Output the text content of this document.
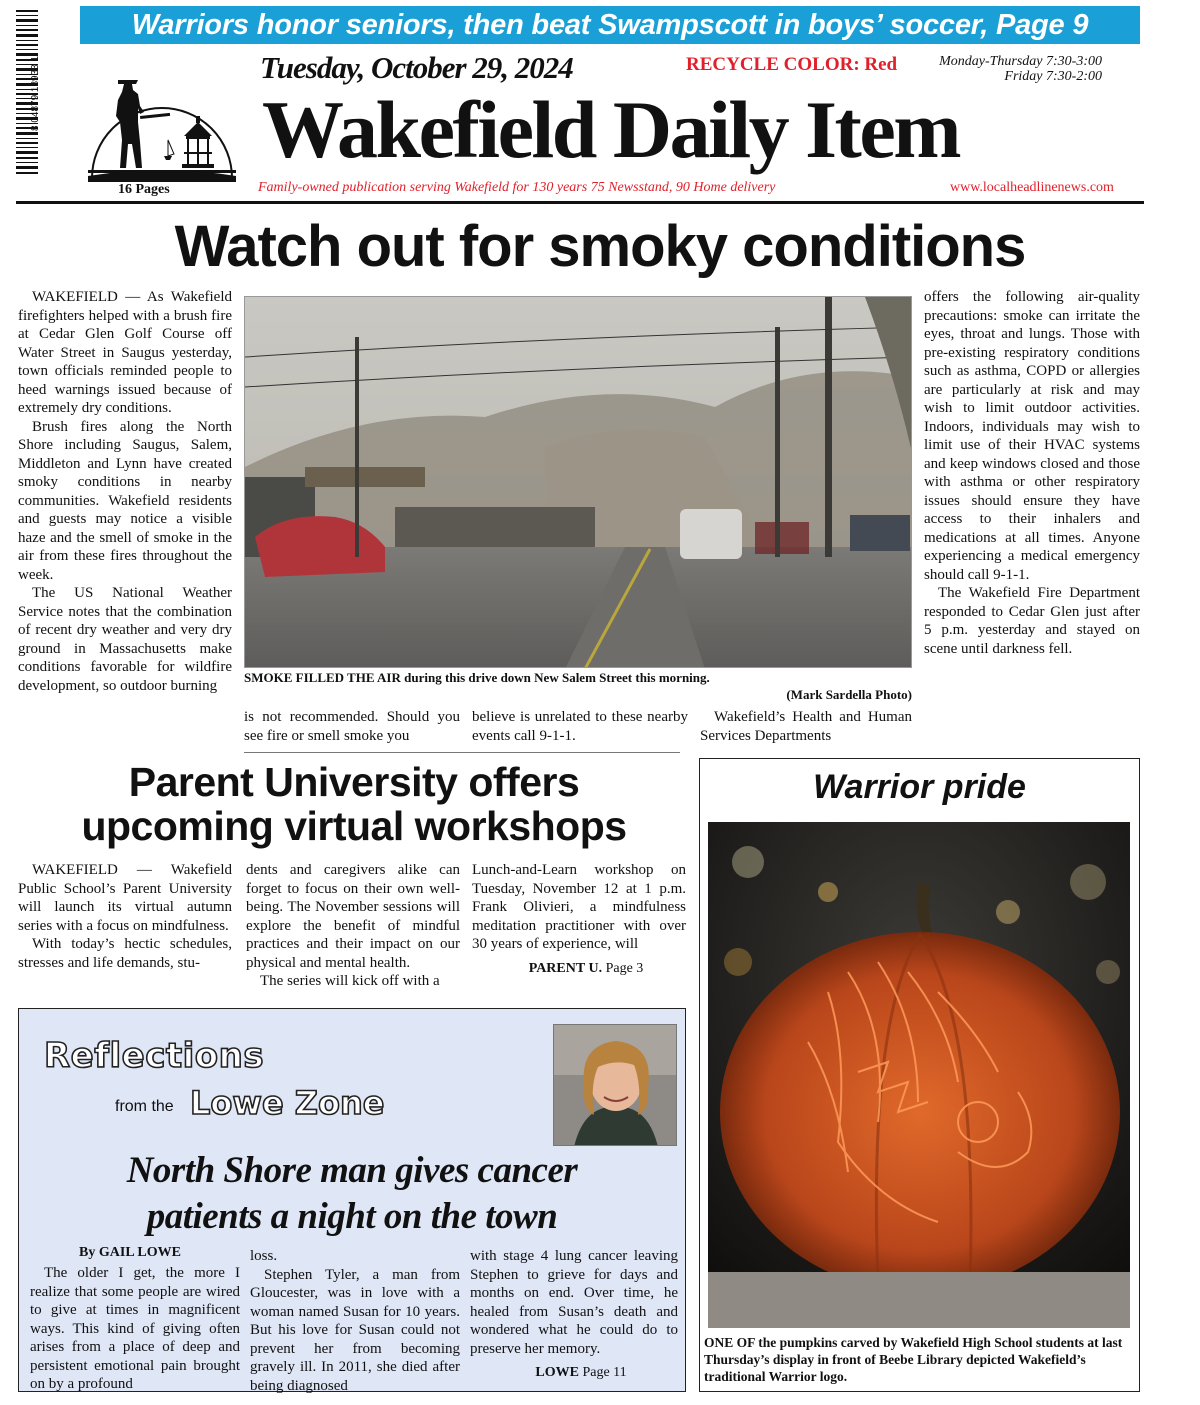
Warriors honor seniors, then beat Swampscott in boys’ soccer, Page 9
8 04879 13933 1
16 Pages
Tuesday, October 29, 2024	RECYCLE COLOR: Red	Monday-Thursday 7:30-3:00
Friday 7:30-2:00
Wakefield Daily Item
Family-owned publication serving Wakefield for 130 years 75 Newsstand, 90 Home delivery	www.localheadlinenews.com
Watch out for smoky conditions

WAKEFIELD — As Wakefield firefighters helped with a brush fire at Cedar Glen Golf Course off Water Street in Saugus yesterday, town officials reminded people to heed warnings issued because of extremely dry conditions.

Brush fires along the North Shore including Saugus, Salem, Middleton and Lynn have created smoky conditions in nearby communities. Wakefield residents and guests may notice a visible haze and the smell of smoke in the air from these fires throughout the week.

The US National Weather Service notes that the combination of recent dry weather and very dry ground in Massachusetts make conditions favorable for wildfire development, so outdoor burning	SMOKE FILLED THE AIR during this drive down New Salem Street this morning.
(Mark Sardella Photo)

is not recommended. Should you see fire or smell smoke you

believe is unrelated to these nearby events call 9-1-1.

Wakefield’s Health and Human Services Departments

offers the following air-quality precautions: smoke can irritate the eyes, throat and lungs. Those with pre-existing respiratory conditions such as asthma, COPD or allergies are particularly at risk and may wish to limit outdoor activities. Indoors, individuals may wish to limit use of their HVAC systems and keep windows closed and those with asthma or other respiratory issues should ensure they have access to their inhalers and medications at all times. Anyone experiencing a medical emergency should call 9-1-1.

The Wakefield Fire Department responded to Cedar Glen just after 5 p.m. yesterday and stayed on scene until darkness fell.

Parent University offers
upcoming virtual workshops

WAKEFIELD — Wakefield Public School’s Parent University will launch its virtual autumn series with a focus on mindfulness.

With today’s hectic schedules, stresses and life demands, stu-

dents and caregivers alike can forget to focus on their own well-being. The November sessions will explore the benefit of mindful practices and their impact on our physical and mental health.

The series will kick off with a

Lunch-and-Learn workshop on Tuesday, November 12 at 1 p.m. Frank Olivieri, a mindfulness meditation practitioner with over 30 years of experience, will

PARENT U. Page 3

Reflections
from the Lowe Zone
North Shore man gives cancer
patients a night on the town
By GAIL LOWE

The older I get, the more I realize that some people are wired to give at times in magnificent ways. This kind of giving often arises from a place of deep and persistent emotional pain brought on by a profound

loss.

Stephen Tyler, a man from Gloucester, was in love with a woman named Susan for 10 years. But his love for Susan could not prevent her from becoming gravely ill. In 2011, she died after being diagnosed

with stage 4 lung cancer leaving Stephen to grieve for days and months on end. Over time, he healed from Susan’s death and wondered what he could do to preserve her memory.

LOWE Page 11

Warrior pride
ONE OF the pumpkins carved by Wakefield High School students at last Thursday’s display in front of Beebe Library depicted Wakefield’s traditional Warrior logo.
